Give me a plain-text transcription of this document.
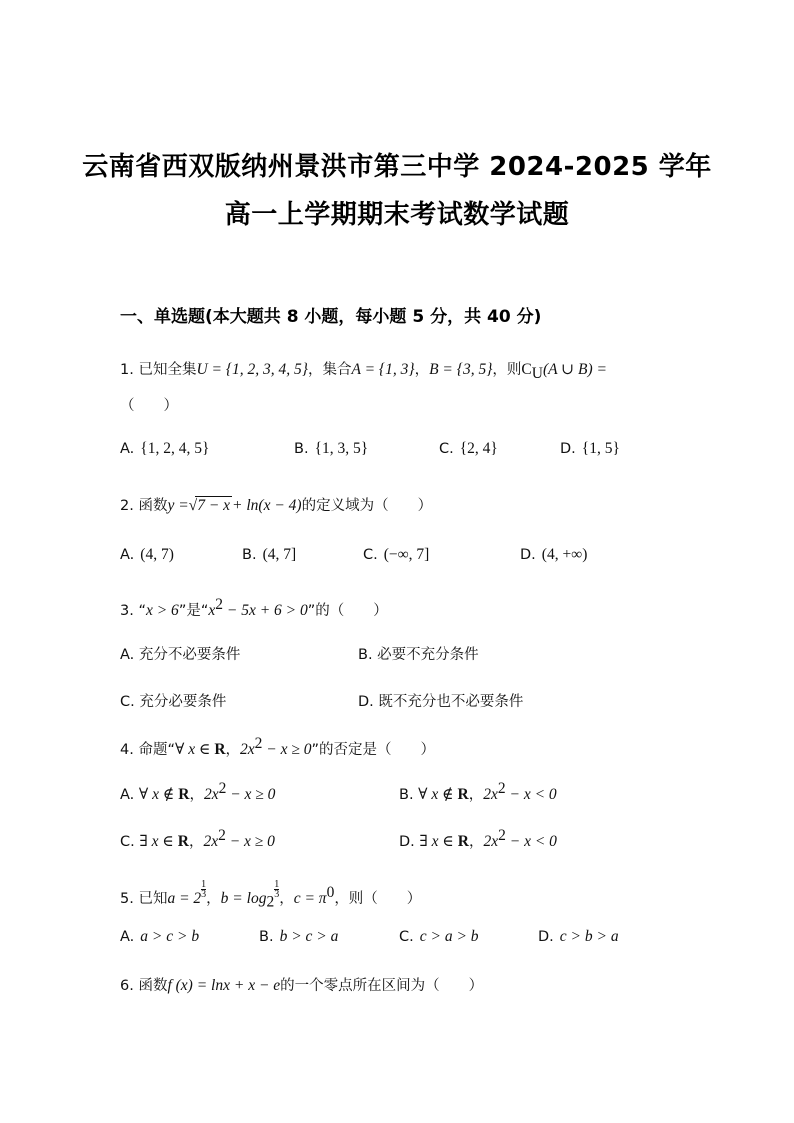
云南省西双版纳州景洪市第三中学 2024-2025 学年
高一上学期期末考试数学试题
一、单选题(本大题共 8 小题，每小题 5 分，共 40 分)
1. 已知全集U = {1, 2, 3, 4, 5}，集合A = {1, 3}，B = {3, 5}，则$C_U(A$ ∪ B) =
（　　）
A. {1, 2, 4, 5}	B. {1, 3, 5}	C. {2, 4}	D. {1, 5}
2. 函数y =√7 − x + ln(x − 4)的定义域为（　　）
A. (4, 7)	B. (4, 7]	C. (−∞, 7]	D. (4, +∞)
3. “x > 6”是“$x^2 - 5x + 6 > 0$”的（　　）
A. 充分不必要条件	B. 必要不充分条件
C. 充分必要条件	D. 既不充分也不必要条件
4. 命题“∀ x ∈ R，$2x^2 - x \ge 0$”的否定是（　　）
A. ∀ x ∉ R，$2x^2 - x \ge 0$	B. ∀ x ∉ R，$2x^2 - x < 0$
C. ∃ x ∈ R，$2x^2 - x \ge 0$	D. ∃ x ∈ R，$2x^2 - x < 0$
5. 已知$a = 2 \frac{1}{3}$ ，$b = \log_2$
$\frac{1}{3}$ ，$c = \pi^0$，则（　　）
A. a > c > b	B. b > c > a	C. c > a > b	D. c > b > a
6. 函数f (x) = lnx + x − e的一个零点所在区间为（　　）
